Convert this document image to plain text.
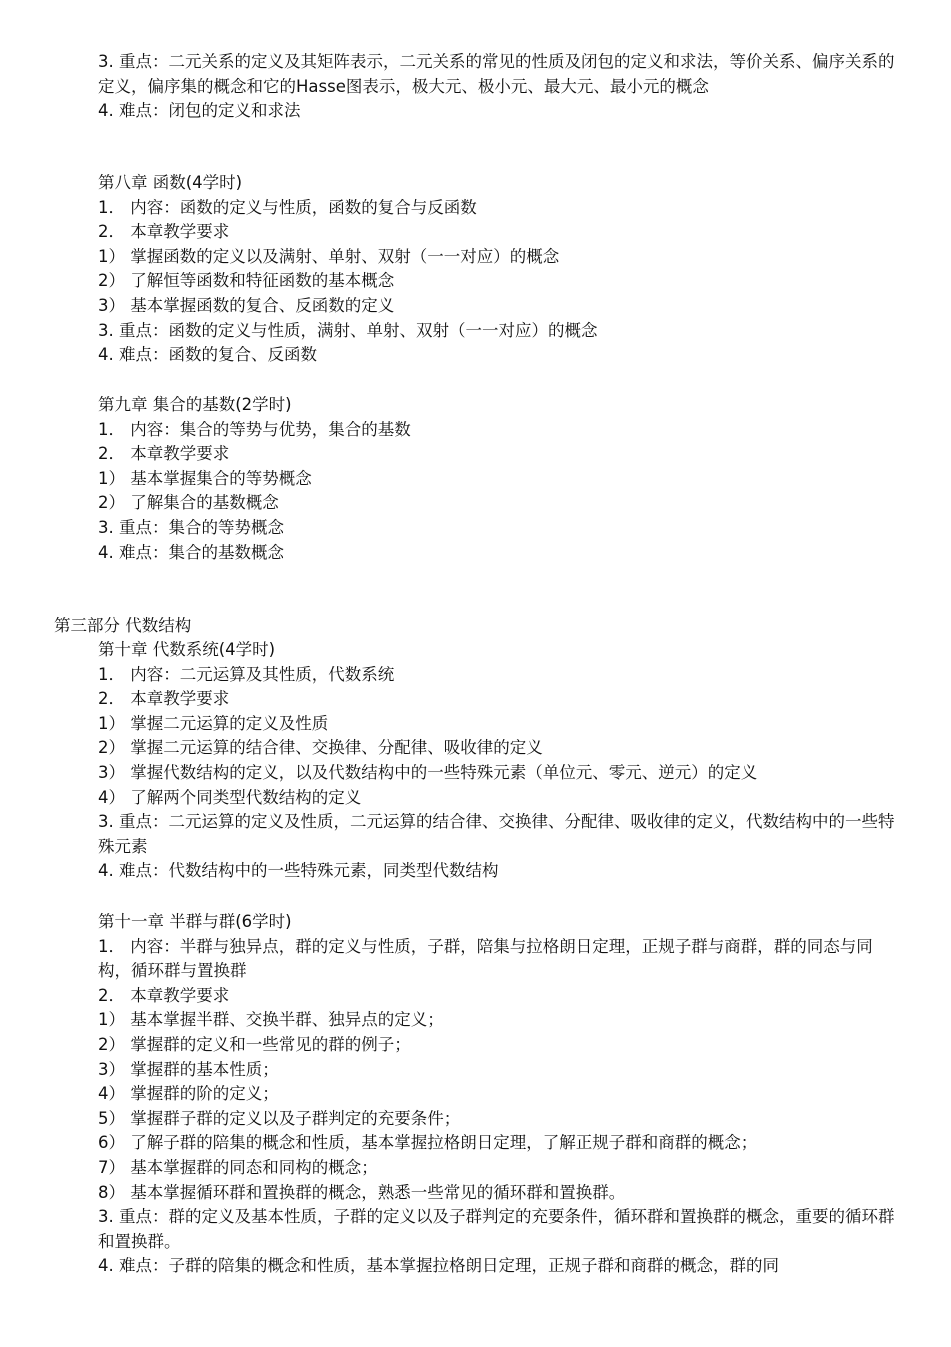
3. 重点：二元关系的定义及其矩阵表示，二元关系的常见的性质及闭包的定义和求法，等价关系、偏序关系的定义，偏序集的概念和它的Hasse图表示，极大元、极小元、最大元、最小元的概念
4. 难点：闭包的定义和求法
第八章 函数(4学时)
1． 内容：函数的定义与性质，函数的复合与反函数
2． 本章教学要求
1） 掌握函数的定义以及满射、单射、双射（一一对应）的概念
2） 了解恒等函数和特征函数的基本概念
3） 基本掌握函数的复合、反函数的定义
3. 重点：函数的定义与性质，满射、单射、双射（一一对应）的概念
4. 难点：函数的复合、反函数
第九章 集合的基数(2学时)
1． 内容：集合的等势与优势，集合的基数
2． 本章教学要求
1） 基本掌握集合的等势概念
2） 了解集合的基数概念
3. 重点：集合的等势概念
4. 难点：集合的基数概念
第三部分 代数结构
第十章 代数系统(4学时)
1． 内容：二元运算及其性质，代数系统
2． 本章教学要求
1） 掌握二元运算的定义及性质
2） 掌握二元运算的结合律、交换律、分配律、吸收律的定义
3） 掌握代数结构的定义，以及代数结构中的一些特殊元素（单位元、零元、逆元）的定义
4） 了解两个同类型代数结构的定义
3. 重点：二元运算的定义及性质，二元运算的结合律、交换律、分配律、吸收律的定义，代数结构中的一些特殊元素
4. 难点：代数结构中的一些特殊元素，同类型代数结构
第十一章 半群与群(6学时)
1． 内容：半群与独异点，群的定义与性质，子群，陪集与拉格朗日定理，正规子群与商群，群的同态与同构，循环群与置换群
2． 本章教学要求
1） 基本掌握半群、交换半群、独异点的定义；
2） 掌握群的定义和一些常见的群的例子；
3） 掌握群的基本性质；
4） 掌握群的阶的定义；
5） 掌握群子群的定义以及子群判定的充要条件；
6） 了解子群的陪集的概念和性质，基本掌握拉格朗日定理，了解正规子群和商群的概念；
7） 基本掌握群的同态和同构的概念；
8） 基本掌握循环群和置换群的概念，熟悉一些常见的循环群和置换群。
3. 重点：群的定义及基本性质，子群的定义以及子群判定的充要条件，循环群和置换群的概念，重要的循环群和置换群。
4. 难点：子群的陪集的概念和性质，基本掌握拉格朗日定理，正规子群和商群的概念，群的同
